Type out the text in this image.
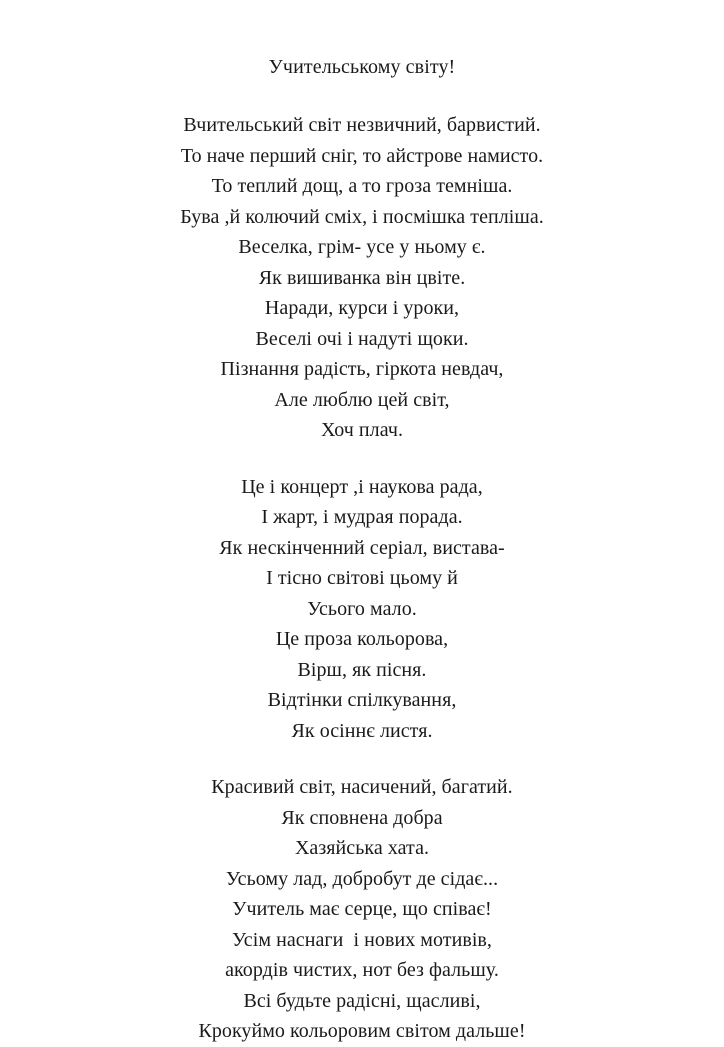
Учительському світу!
Вчительський світ незвичний, барвистий.
То наче перший сніг, то айстрове намисто.
То теплий дощ, а то гроза темніша.
Бува ,й колючий сміх, і посмішка тепліша.
Веселка, грім- усе у ньому є.
Як вишиванка він цвіте.
Наради, курси і уроки,
Веселі очі і надуті щоки.
Пізнання радість, гіркота невдач,
Але люблю цей світ,
Хоч плач.
Це і концерт ,і наукова рада,
І жарт, і мудрая порада.
Як нескінченний серіал, вистава-
І тісно світові цьому й
Усього мало.
Це проза кольорова,
Вірш, як пісня.
Відтінки спілкування,
Як осіннє листя.
Красивий світ, насичений, багатий.
Як сповнена добра
Хазяйська хата.
Усьому лад, добробут де сідає...
Учитель має серце, що співає!
Усім наснаги  і нових мотивів,
акордів чистих, нот без фальшу.
Всі будьте радісні, щасливі,
Крокуймо кольоровим світом дальше!
